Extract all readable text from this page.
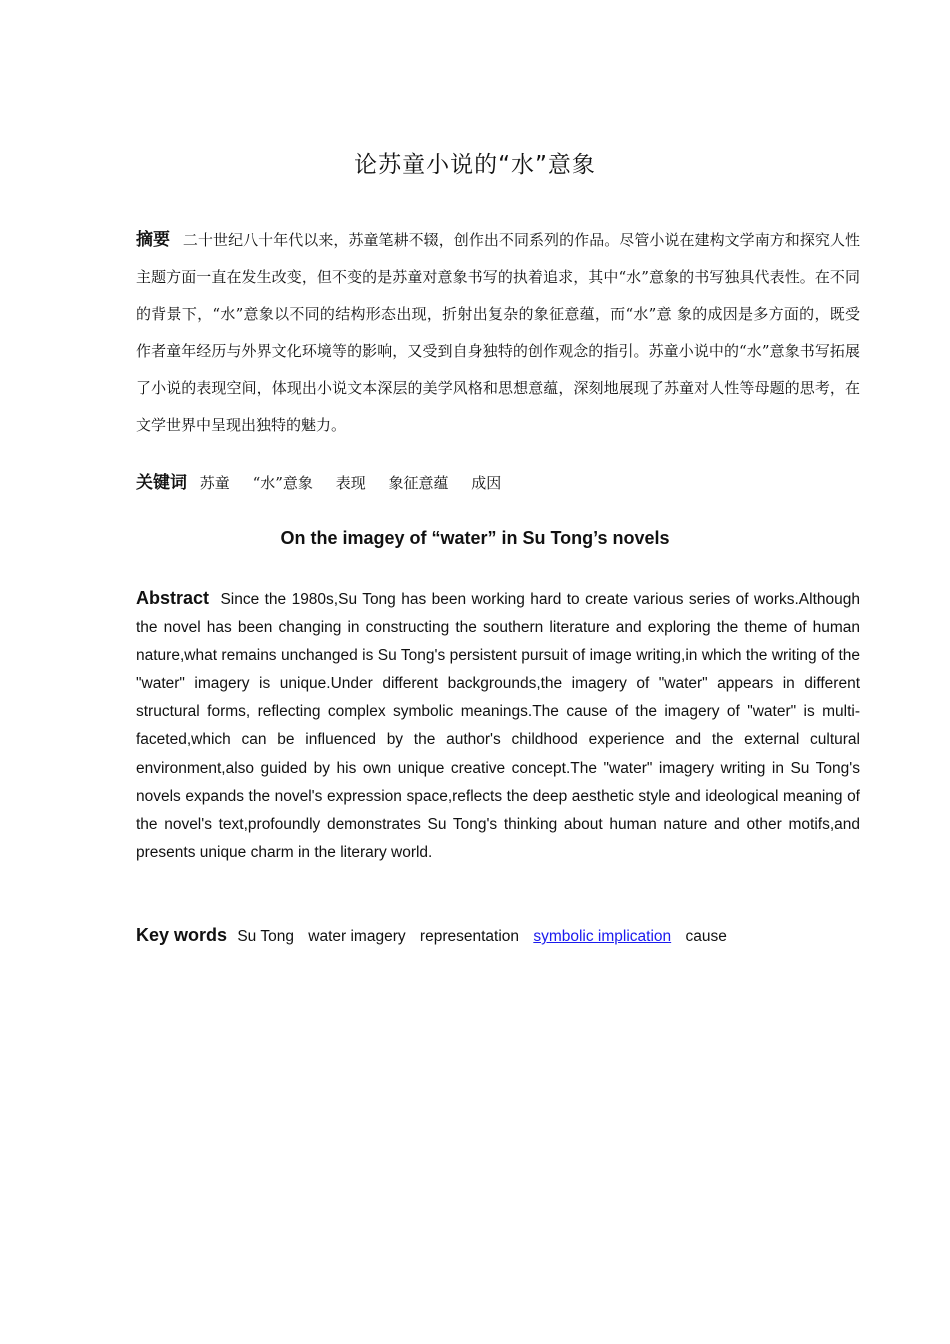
论苏童小说的“水”意象
摘要 二十世纪八十年代以来，苏童笔耕不辍，创作出不同系列的作品。尽管小说在建构文学南方和探究人性主题方面一直在发生改变，但不变的是苏童对意象书写的执着追求，其中“水”意象的书写独具代表性。在不同的背景下，“水”意象以不同的结构形态出现，折射出复杂的象征意蕴，而“水”意 象的成因是多方面的，既受作者童年经历与外界文化环境等的影响，又受到自身独特的创作观念的指引。苏童小说中的“水”意象书写拓展了小说的表现空间，体现出小说文本深层的美学风格和思想意蕴，深刻地展现了苏童对人性等母题的思考，在文学世界中呈现出独特的魅力。
关键词 苏童 “水”意象 表现 象征意蕴 成因
On the imagey of “water” in Su Tong’s novels
Abstract Since the 1980s,Su Tong has been working hard to create various series of works.Although the novel has been changing in constructing the southern literature and exploring the theme of human nature,what remains unchanged is Su Tong's persistent pursuit of image writing,in which the writing of the "water" imagery is unique.Under different backgrounds,the imagery of "water" appears in different structural forms, reflecting complex symbolic meanings.The cause of the imagery of "water" is multi-faceted,which can be influenced by the author's childhood experience and the external cultural environment,also guided by his own unique creative concept.The "water" imagery writing in Su Tong's novels expands the novel's expression space,reflects the deep aesthetic style and ideological meaning of the novel's text,profoundly demonstrates Su Tong's thinking about human nature and other motifs,and presents unique charm in the literary world.
Key words Su Tong water imagery representation symbolic implication cause
